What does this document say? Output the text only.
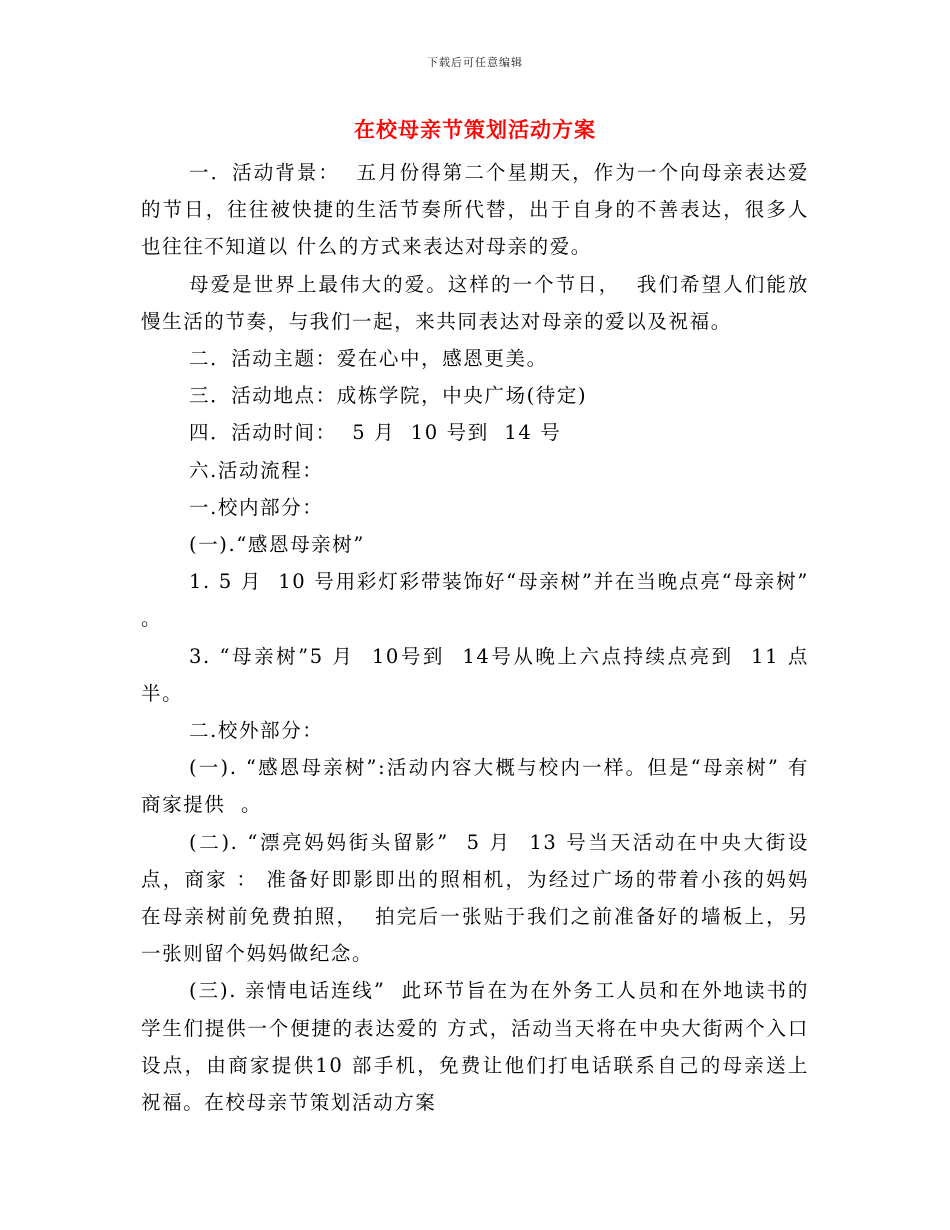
下载后可任意编辑
在校母亲节策划活动方案

一．活动背景：  五月份得第二个星期天，作为一个向母亲表达爱的节日，往往被快捷的生活节奏所代替，出于自身的不善表达，很多人也往往不知道以 什么的方式来表达对母亲的爱。

母爱是世界上最伟大的爱。这样的一个节日，  我们希望人们能放慢生活的节奏，与我们一起，来共同表达对母亲的爱以及祝福。

二．活动主题：爱在心中，感恩更美。

三．活动地点：成栋学院，中央广场(待定)

四．活动时间：  5 月  10 号到  14 号

六.活动流程：

一.校内部分：

(一).“感恩母亲树”

1. 5 月  10 号用彩灯彩带装饰好“母亲树”并在当晚点亮“母亲树” 。

3. “母亲树”5 月  10号到  14号从晚上六点持续点亮到  11 点半。

二.校外部分：

(一). “感恩母亲树”:活动内容大概与校内一样。但是“母亲树” 有商家提供  。

(二). “漂亮妈妈街头留影”  5 月  13 号当天活动在中央大街设点，商家 ： 准备好即影即出的照相机，为经过广场的带着小孩的妈妈在母亲树前免费拍照，  拍完后一张贴于我们之前准备好的墙板上，另一张则留个妈妈做纪念。

(三). 亲情电话连线”  此环节旨在为在外务工人员和在外地读书的学生们提供一个便捷的表达爱的 方式，活动当天将在中央大街两个入口设点，由商家提供10 部手机，免费让他们打电话联系自己的母亲送上祝福。在校母亲节策划活动方案
